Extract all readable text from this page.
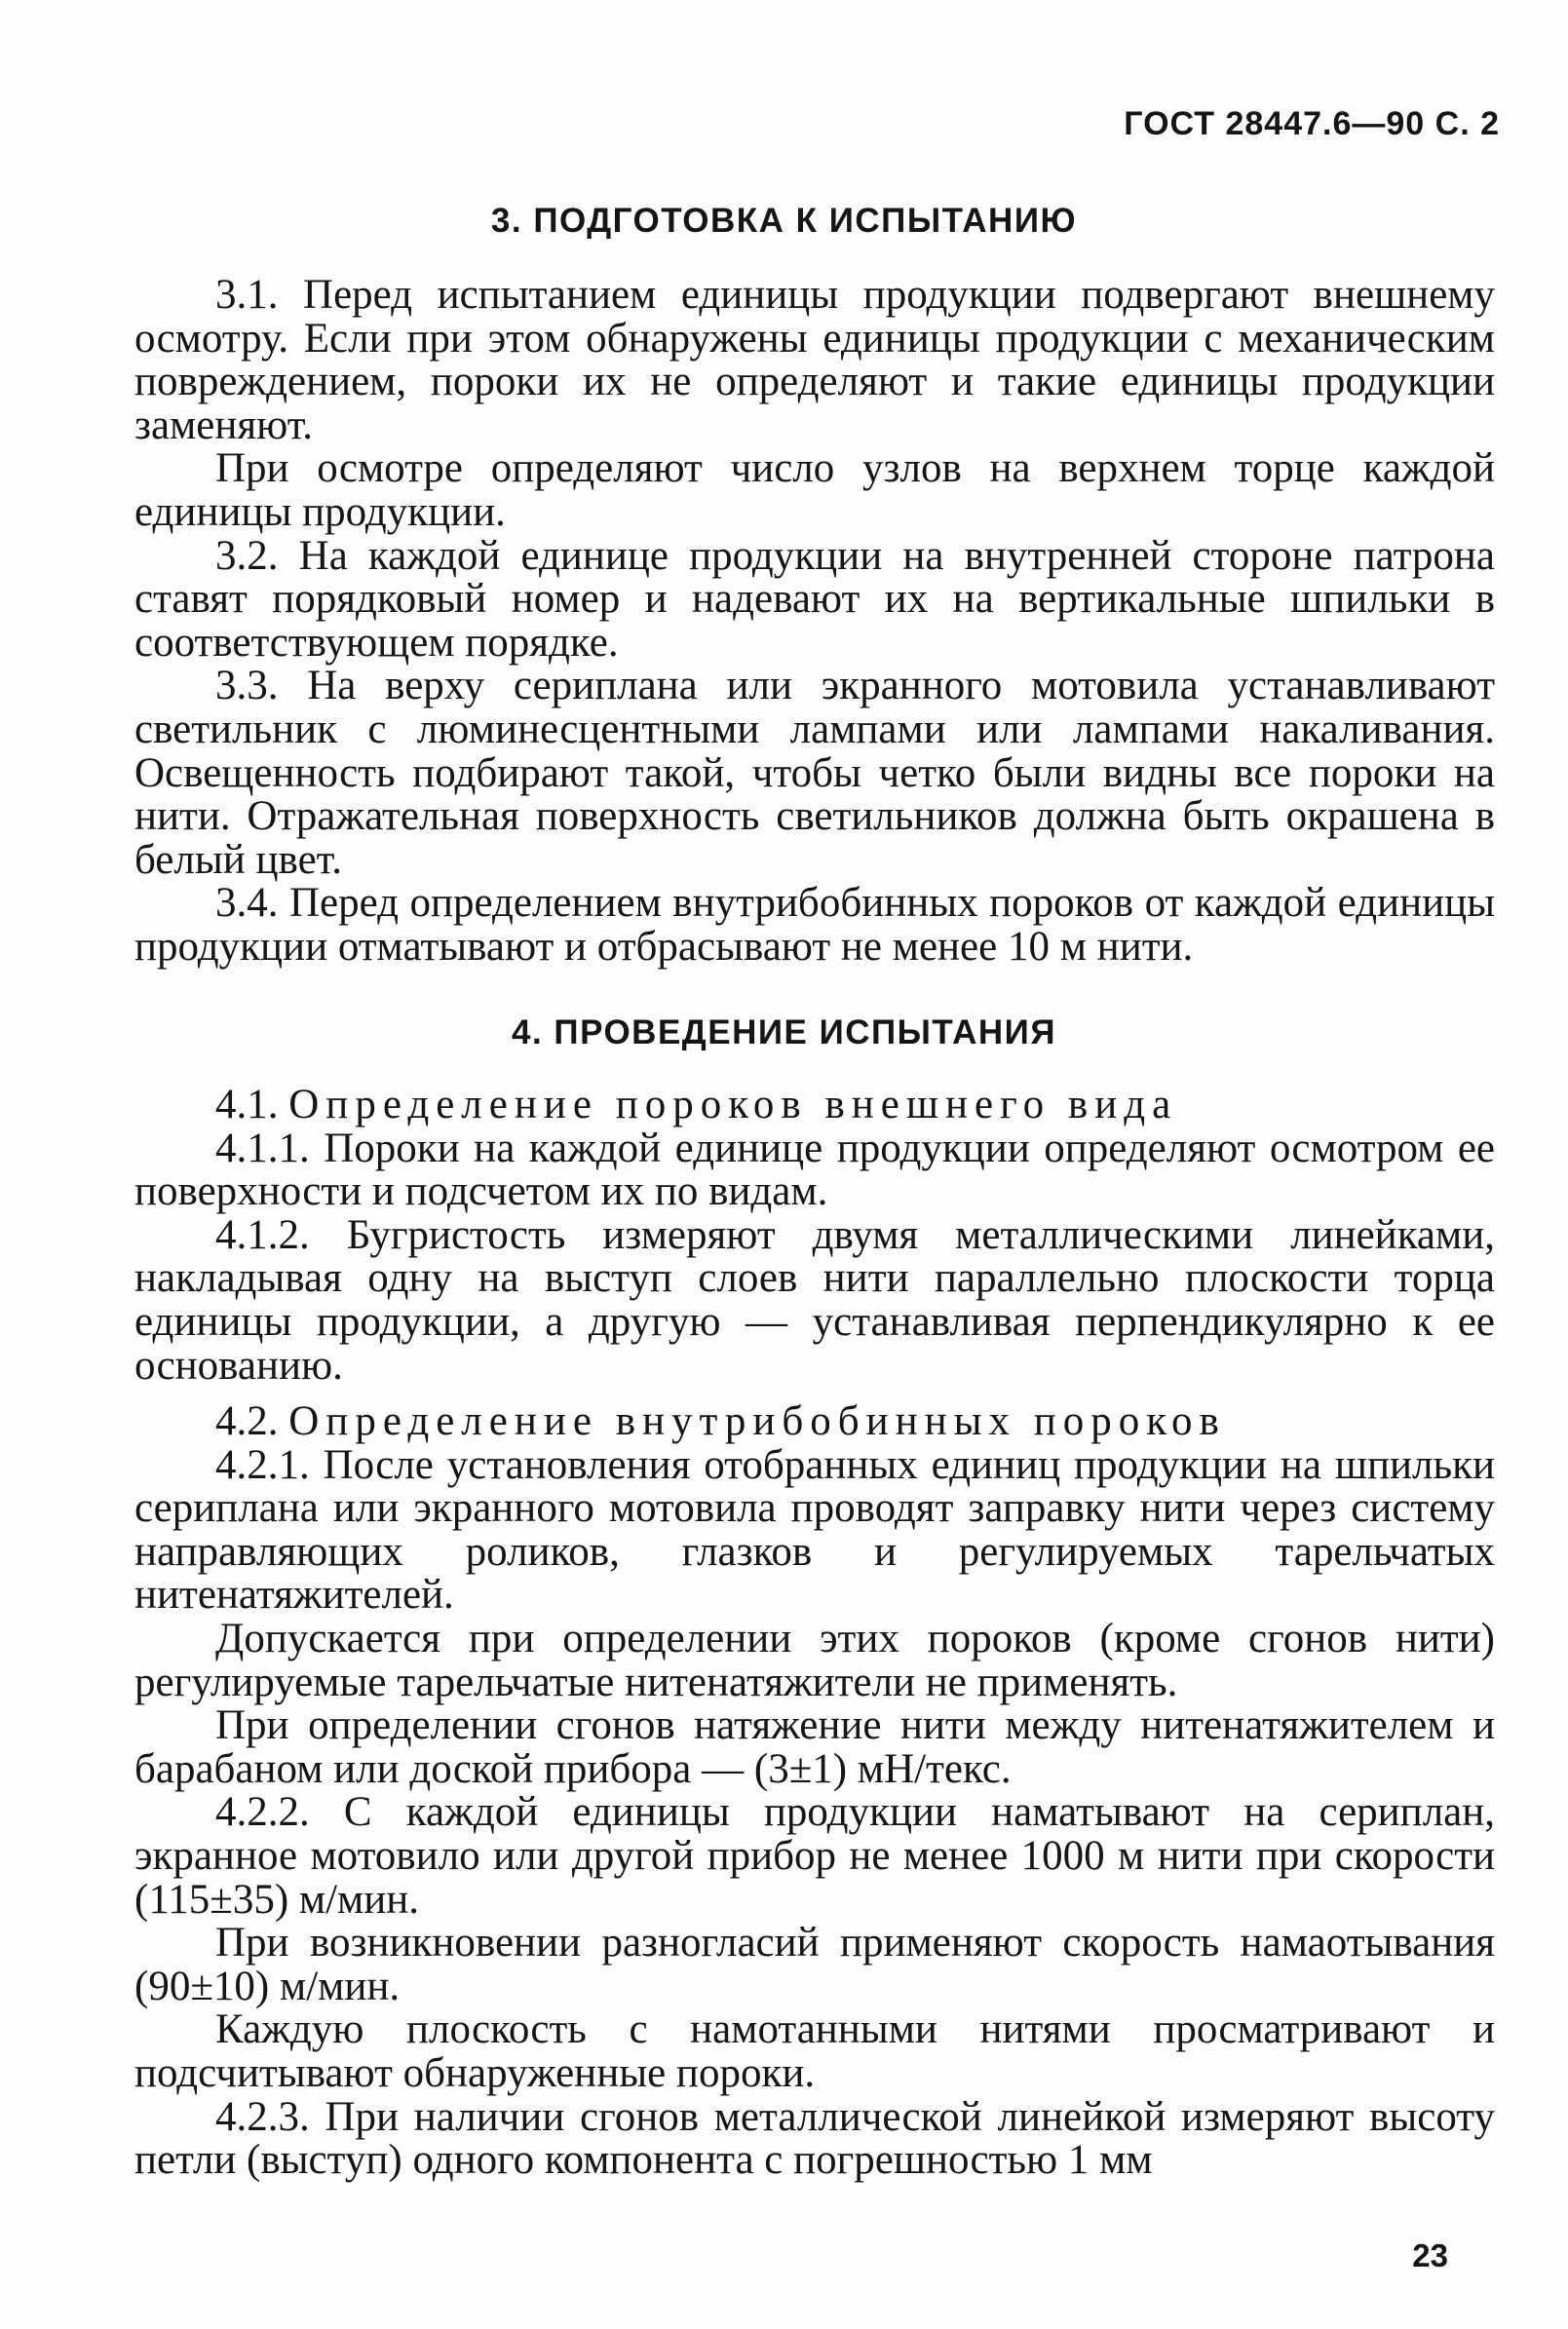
ГОСТ 28447.6—90 С. 2
3. ПОДГОТОВКА К ИСПЫТАНИЮ

3.1. Перед испытанием единицы продукции подвергают внешнему осмотру. Если при этом обнаружены единицы продукции с механическим повреждением, пороки их не определяют и такие единицы продукции заменяют.

При осмотре определяют число узлов на верхнем торце каждой единицы продукции.

3.2. На каждой единице продукции на внутренней стороне патрона ставят порядковый номер и надевают их на вертикальные шпильки в соответствующем порядке.

3.3. На верху сериплана или экранного мотовила устанавливают светильник с люминесцентными лампами или лампами накаливания. Освещенность подбирают такой, чтобы четко были видны все пороки на нити. Отражательная поверхность светильников должна быть окрашена в белый цвет.

3.4. Перед определением внутрибобинных пороков от каждой единицы продукции отматывают и отбрасывают не менее 10 м нити.

4. ПРОВЕДЕНИЕ ИСПЫТАНИЯ

4.1. Определение пороков внешнего вида

4.1.1. Пороки на каждой единице продукции определяют осмотром ее поверхности и подсчетом их по видам.

4.1.2. Бугристость измеряют двумя металлическими линейками, накладывая одну на выступ слоев нити параллельно плоскости торца единицы продукции, а другую — устанавливая перпендикулярно к ее основанию.

4.2. Определение внутрибобинных пороков

4.2.1. После установления отобранных единиц продукции на шпильки сериплана или экранного мотовила проводят заправку нити через систему направляющих роликов, глазков и регулируемых тарельчатых нитенатяжителей.

Допускается при определении этих пороков (кроме сгонов нити) регулируемые тарельчатые нитенатяжители не применять.

При определении сгонов натяжение нити между нитенатяжителем и барабаном или доской прибора — (3±1) мН/текс.

4.2.2. С каждой единицы продукции наматывают на сериплан, экранное мотовило или другой прибор не менее 1000 м нити при скорости (115±35) м/мин.

При возникновении разногласий применяют скорость намаотывания (90±10) м/мин.

Каждую плоскость с намотанными нитями просматривают и подсчитывают обнаруженные пороки.

4.2.3. При наличии сгонов металлической линейкой измеряют высоту петли (выступ) одного компонента с погрешностью 1 мм

23
